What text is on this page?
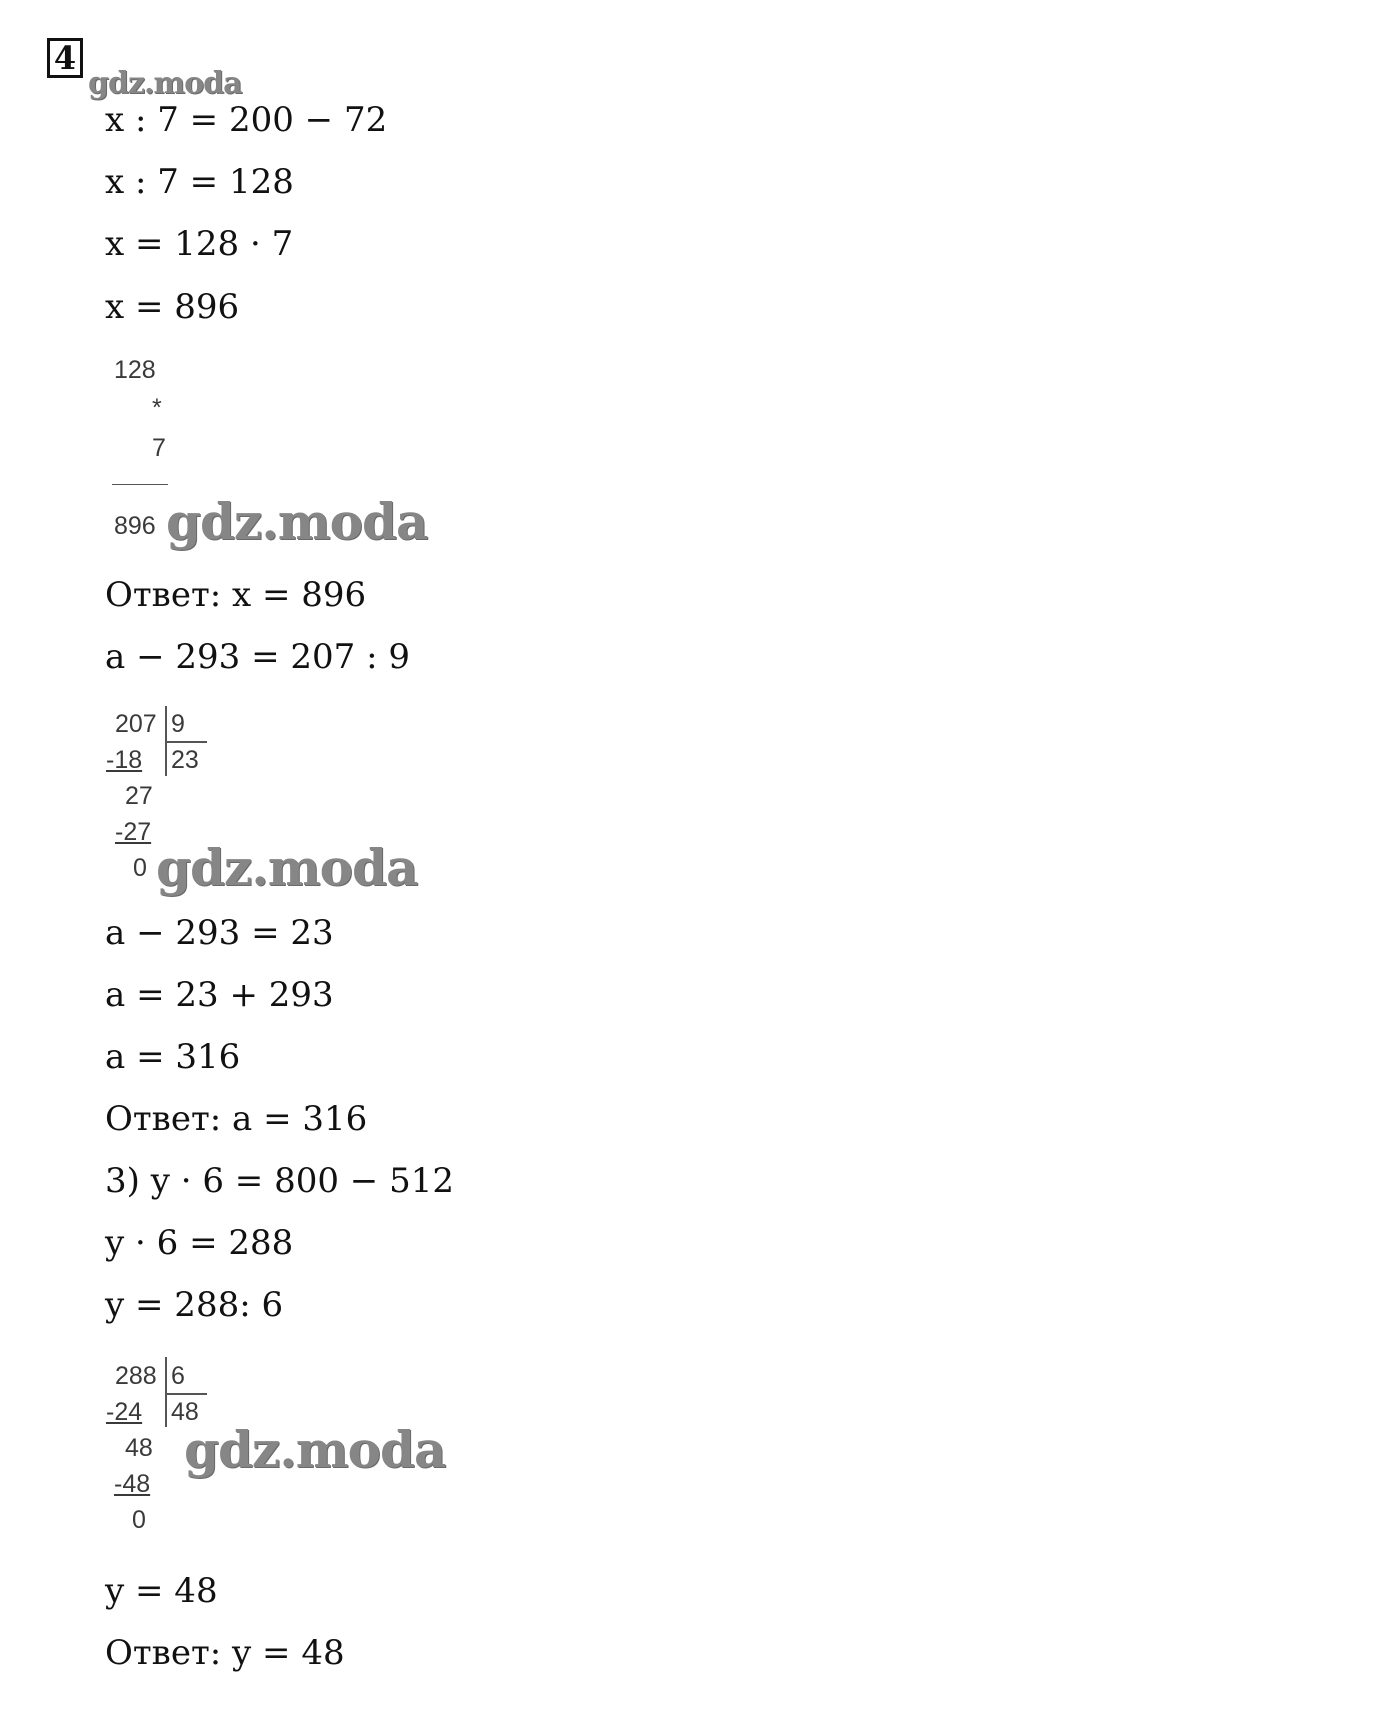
4
gdz.moda
x : 7 = 200 − 72
x : 7 = 128
x = 128 · 7
x = 896
128
*
7
896 gdz.moda
Ответ: x = 896
a − 293 = 207 : 9
207 9
-18 23
27
-27
0 gdz.moda
a − 293 = 23
a = 23 + 293
a = 316
Ответ: a = 316
3) y · 6 = 800 − 512
y · 6 = 288
y = 288: 6
288 6
-24 48
48
-48
0
gdz.moda
y = 48
Ответ: y = 48
